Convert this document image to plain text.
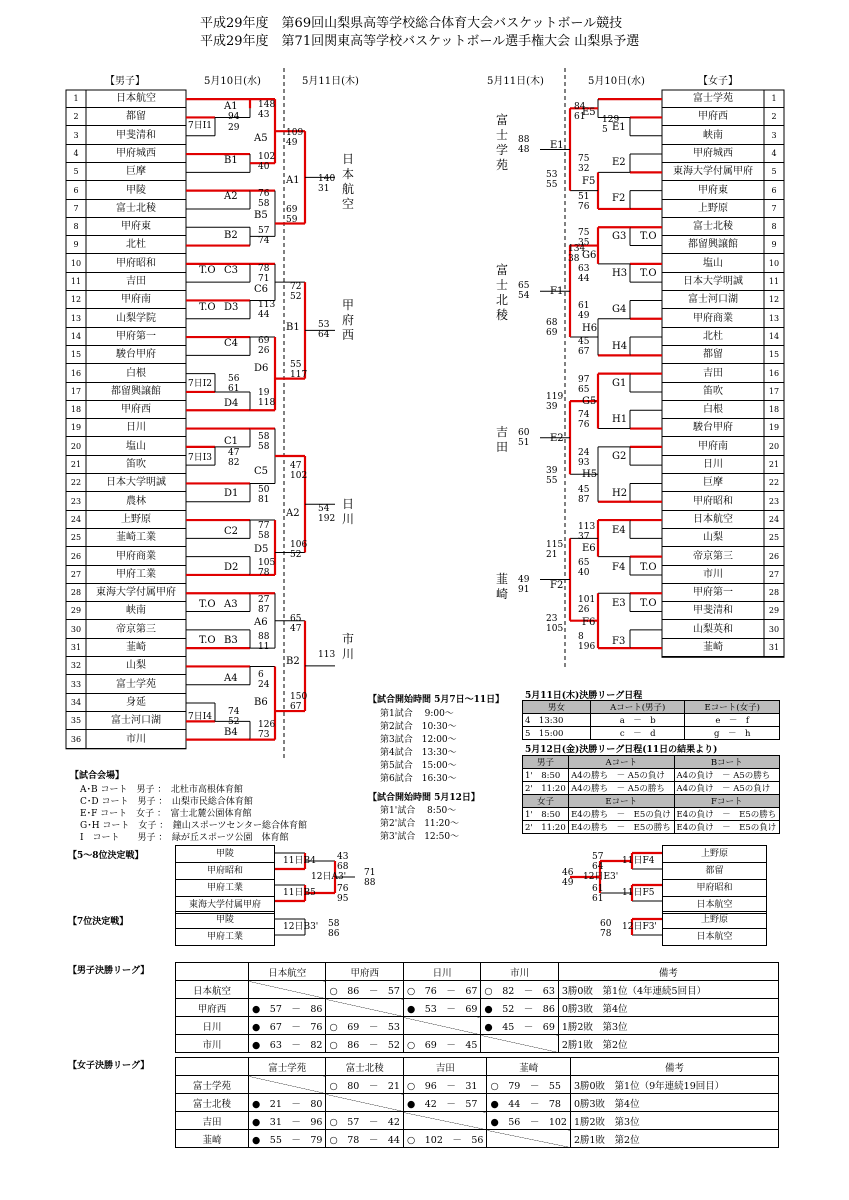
平成29年度　第69回山梨県高等学校総合体育大会バスケットボール競技
平成29年度　第71回関東高等学校バスケットボール選手権大会 山梨県予選
【男子】	5月10日(水)	5月11日(木)	5月11日(木)	5月10日(水)	【女子】
1	日本航空
2	都留
3	甲斐清和
4	甲府城西
5	巨摩
6	甲陵
7	富士北稜
8	甲府東
9	北杜
10	甲府昭和
11	吉田
12	甲府南
13	山梨学院
14	甲府第一
15	駿台甲府
16	白根
17	都留興譲館
18	甲府西
19	日川
20	塩山
21	笛吹
22	日本大学明誠
23	農林
24	上野原
25	韮崎工業
26	甲府商業
27	甲府工業
28	東海大学付属甲府
29	峡南
30	帝京第三
31	韮崎
32	山梨
33	富士学苑
34	身延
35	富士河口湖
36	市川
富士学苑	1
甲府西	2
峡南	3
甲府城西	4
東海大学付属甲府	5
甲府東	6
上野原	7
富士北稜	8
都留興譲館	9
塩山	10
日本大学明誠	11
富士河口湖	12
甲府商業	13
北杜	14
都留	15
吉田	16
笛吹	17
白根	18
駿台甲府	19
甲府南	20
日川	21
巨摩	22
甲府昭和	23
日本航空	24
山梨	25
帝京第三	26
市川	27
甲府第一	28
甲斐清和	29
山梨英和	30
韮崎	31
A1
A5
B1
A2
B5
B2
T.O C3
C6
T.O D3
C4
D6
D4
C1
C5
D1
C2
D5
D2
T.O A3
A6
T.O B3
A4
B6
B4
A1
B1
A2
B2
7日I1
7日I2
7日I3
7日I4
日本航空
甲府西
日川
市川
E5
E1
E1
E2
F5
F2
G3 T.O
G6
H3 T.O
F1
G4
H6
H4
G1
G5
H1
E2
G2
H5
H2
E4
E6
F4 T.O
F2
E3 T.O
F6
F3
富士学苑
富士北稜
吉田
韮崎
148
43
94
29	109
49
102
40
76
58
69
59
57
74
140
31
78
71
72
52
113
44
69
26
55
117
56
61 19
118
53
64
58
58
47
82	47
102
50
81
77
58
106
52
105
78
54
192
27
87
65
47
88
11
6
24
150
67
74
52 126
73
113
84
61 129
5
75
32
53
55
51
76
88
48
134
38
75
35
63
44
65
54
61
49
68
69
45
67
97
65
119
39
74
76
24
93
39
55
45
87
60
51
113
37
115
21
65
40
101
26
23
105
8
196
49
91
【試合開始時間 5月7日～11日】
第1試合　 9:00～
第2試合　10:30～
第3試合　12:00～
第4試合　13:30～
第5試合　15:00～
第6試合　16:30～
【試合開始時間 5月12日】
第1'試合　 8:50～
第2'試合　11:20～
第3'試合　12:50～
【試合会場】
A･B コート　男子 ：　北杜市高根体育館
C･D コート　男子 ：　山梨市民総合体育館
E･F コート　女子 ：　富士北麓公園体育館
G･H コート　女子 ：　鐘山スポーツセンター総合体育館
I　コート　　男子 ：　緑が丘スポーツ公園　体育館
5月11日(木)決勝リーグ日程
男女	Aコート(男子)	Eコート(女子)
4　13:30	a　－　b	e　－　f
5　15:00	c　－　d	g　－　h
5月12日(金)決勝リーグ日程(11日の結果より)
男子	Aコート	Bコート
1'　8:50	A4の勝ち　－ A5の負け	A4の負け　－ A5の勝ち
2'　11:20	A4の勝ち　－ A5の勝ち	A4の負け　－ A5の負け
女子	Eコート	Fコート
1'　8:50	E4の勝ち　－　E5の負け	E4の負け　－　E5の勝ち
2'　11:20	E4の勝ち　－　E5の勝ち	E4の負け　－　E5の負け
【5～8位決定戦】	甲陵
甲府昭和
甲府工業
東海大学付属甲府
11日B4
12日A3'
11日B5
43
68
71
88
76
95
上野原
都留
甲府昭和
日本航空
11日F4
12日E3'
11日F5
57
64
46
49
61
61
【7位決定戦】	甲陵
甲府工業
12日B3' 58
86
上野原
日本航空
12日F3'
60
78
【男子決勝リーグ】
		日本航空	甲府西	日川	市川	備考
日本航空		○　86　－　57	○　76　－　67	○　82　－　63	3勝0敗　第1位（4年連続5回目）
甲府西	●　57　－　86		●　53　－　69	●　52　－　86	0勝3敗　第4位
日川	●　67　－　76	○　69　－　53		●　45　－　69	1勝2敗　第3位
市川	●　63　－　82	○　86　－　52	○　69　－　45		2勝1敗　第2位
【女子決勝リーグ】
		富士学苑	富士北稜	吉田	韮崎	備考
富士学苑		○　80　－　21	○　96　－　31	○　79　－　55	3勝0敗　第1位（9年連続19回目）
富士北稜	●　21　－　80		●　42　－　57	●　44　－　78	0勝3敗　第4位
吉田	●　31　－　96	○　57　－　42		●　56　－　102	1勝2敗　第3位
韮崎	●　55　－　79	○　78　－　44	○　102　－　56		2勝1敗　第2位
